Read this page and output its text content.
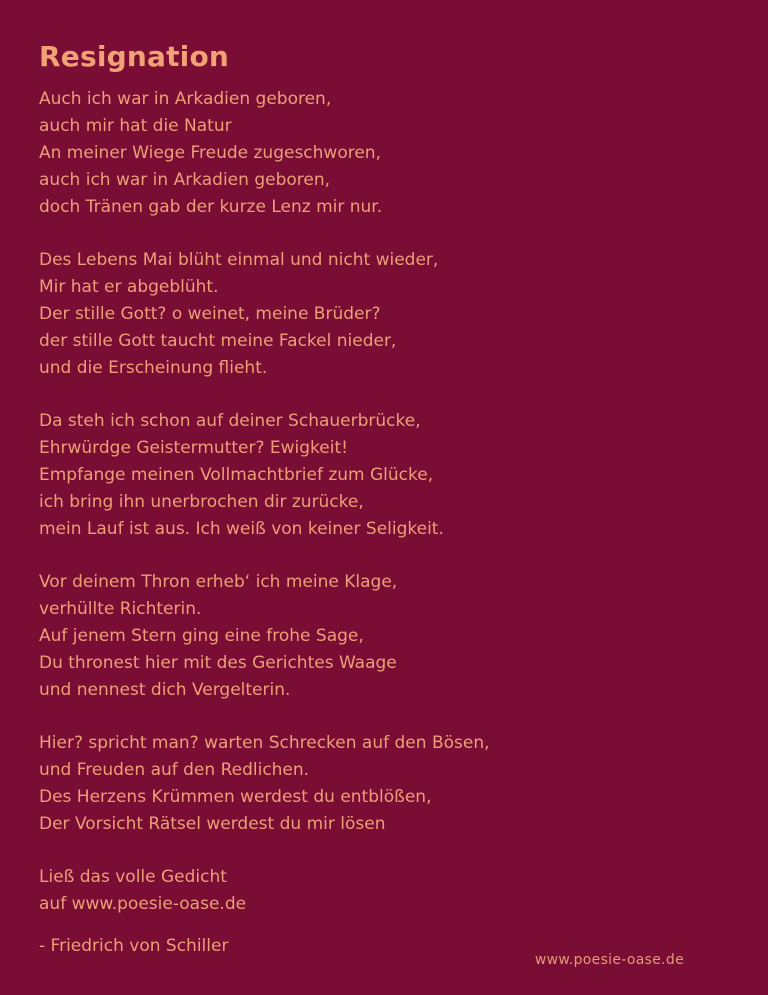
Resignation
Auch ich war in Arkadien geboren,
auch mir hat die Natur
An meiner Wiege Freude zugeschworen,
auch ich war in Arkadien geboren,
doch Tränen gab der kurze Lenz mir nur.
Des Lebens Mai blüht einmal und nicht wieder,
Mir hat er abgeblüht.
Der stille Gott? o weinet, meine Brüder?
der stille Gott taucht meine Fackel nieder,
und die Erscheinung flieht.
Da steh ich schon auf deiner Schauerbrücke,
Ehrwürdge Geistermutter? Ewigkeit!
Empfange meinen Vollmachtbrief zum Glücke,
ich bring ihn unerbrochen dir zurücke,
mein Lauf ist aus. Ich weiß von keiner Seligkeit.
Vor deinem Thron erheb‘ ich meine Klage,
verhüllte Richterin.
Auf jenem Stern ging eine frohe Sage,
Du thronest hier mit des Gerichtes Waage
und nennest dich Vergelterin.
Hier? spricht man? warten Schrecken auf den Bösen,
und Freuden auf den Redlichen.
Des Herzens Krümmen werdest du entblößen,
Der Vorsicht Rätsel werdest du mir lösen
Ließ das volle Gedicht
auf www.poesie-oase.de
- Friedrich von Schiller
www.poesie-oase.de
